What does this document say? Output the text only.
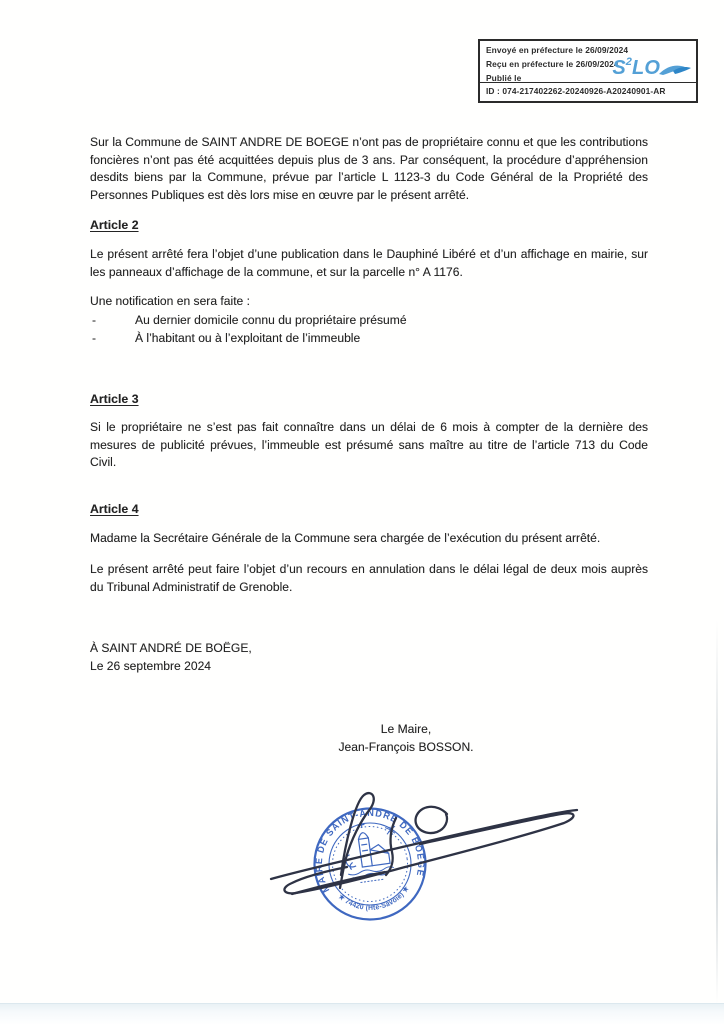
Envoyé en préfecture le 26/09/2024
Reçu en préfecture le 26/09/2024
Publié le
ID : 074-217402262-20240926-A20240901-AR
$S^2$ LO
Sur la Commune de SAINT ANDRE DE BOEGE n’ont pas de propriétaire connu et que les contributions foncières n’ont pas été acquittées depuis plus de 3 ans. Par conséquent, la procédure d’appréhension desdits biens par la Commune, prévue par l’article L 1123-3 du Code Général de la Propriété des Personnes Publiques est dès lors mise en œuvre par le présent arrêté.
Article 2
Le présent arrêté fera l’objet d’une publication dans le Dauphiné Libéré et d’un affichage en mairie, sur les panneaux d’affichage de la commune, et sur la parcelle n° A 1176.
Une notification en sera faite :
-	Au dernier domicile connu du propriétaire présumé
-	À l’habitant ou à l’exploitant de l’immeuble
Article 3
Si le propriétaire ne s’est pas fait connaître dans un délai de 6 mois à compter de la dernière des mesures de publicité prévues, l’immeuble est présumé sans maître au titre de l’article 713 du Code Civil.
Article 4
Madame la Secrétaire Générale de la Commune sera chargée de l’exécution du présent arrêté.
Le présent arrêté peut faire l’objet d’un recours en annulation dans le délai légal de deux mois auprès du Tribunal Administratif de Grenoble.
À SAINT ANDRÉ DE BOËGE,
Le 26 septembre 2024
Le Maire,
Jean-François BOSSON.
MAIRE DE SAINT-ANDRÉ DE BOËGE
★ 74420 (Hte-Savoie) ★
